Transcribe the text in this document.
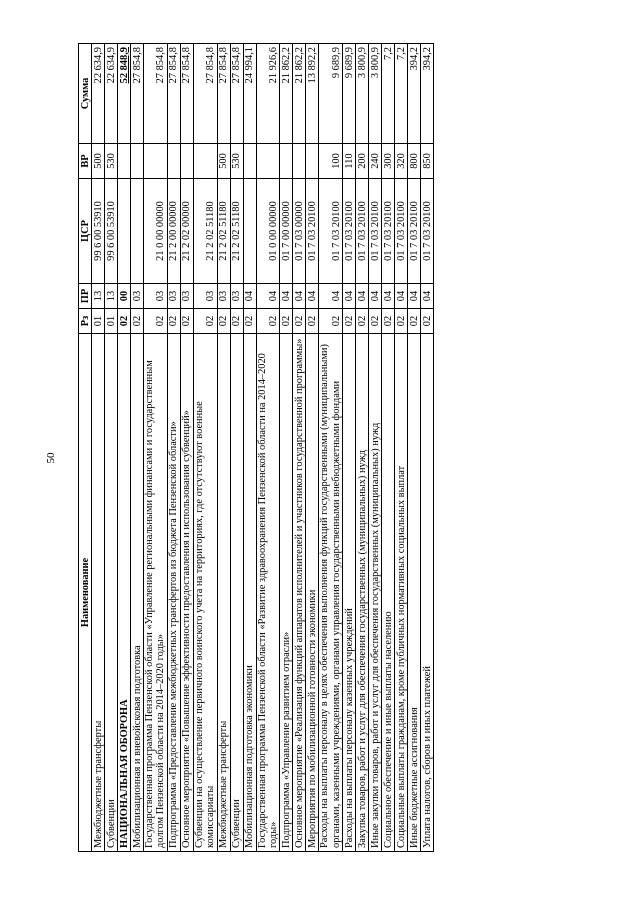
50
Наименование	Рз	ПР	ЦСР	ВР	Сумма
Межбюджетные трансферты	01	13	99 6 00 53910	500	22 634,9
Субвенции	01	13	99 6 00 53910	530	22 634,9
НАЦИОНАЛЬНАЯ ОБОРОНА	02	00			52 848,9
Мобилизационная и вневойсковая подготовка	02	03			27 854,8
Государственная программа Пензенской области «Управление региональными финансами и государственным долгом Пензенской области на 2014–2020 годы»	02	03	21 0 00 00000		27 854,8
Подпрограмма «Предоставление межбюджетных трансфертов из бюджета Пензенской области»	02	03	21 2 00 00000		27 854,8
Основное мероприятие «Повышение эффективности предоставления и использования субвенций»	02	03	21 2 02 00000		27 854,8
Субвенции на осуществление первичного воинского учета на территориях, где отсутствуют военные комиссариаты	02	03	21 2 02 51180		27 854,8
Межбюджетные трансферты	02	03	21 2 02 51180	500	27 854,8
Субвенции	02	03	21 2 02 51180	530	27 854,8
Мобилизационная подготовка экономики	02	04			24 994,1
Государственная программа Пензенской области «Развитие здравоохранения Пензенской области на 2014–2020 годы»	02	04	01 0 00 00000		21 926,6
Подпрограмма «Управление развитием отрасли»	02	04	01 7 00 00000		21 862,2
Основное мероприятие «Реализация функций аппаратов исполнителей и участников государственной программы»	02	04	01 7 03 00000		21 862,2
Мероприятия по мобилизационной готовности экономики	02	04	01 7 03 20100		13 892,2
Расходы на выплаты персоналу в целях обеспечения выполнения функций государственными (муниципальными) органами, казенными учреждениями, органами управления государственными внебюджетными фондами	02	04	01 7 03 20100	100	9 689,9
Расходы на выплаты персоналу казенных учреждений	02	04	01 7 03 20100	110	9 689,9
Закупка товаров, работ и услуг для обеспечения государственных (муниципальных) нужд	02	04	01 7 03 20100	200	3 800,9
Иные закупки товаров, работ и услуг для обеспечения государственных (муниципальных) нужд	02	04	01 7 03 20100	240	3 800,9
Социальное обеспечение и иные выплаты населению	02	04	01 7 03 20100	300	7,2
Социальные выплаты гражданам, кроме публичных нормативных социальных выплат	02	04	01 7 03 20100	320	7,2
Иные бюджетные ассигнования	02	04	01 7 03 20100	800	394,2
Уплата налогов, сборов и иных платежей	02	04	01 7 03 20100	850	394,2
